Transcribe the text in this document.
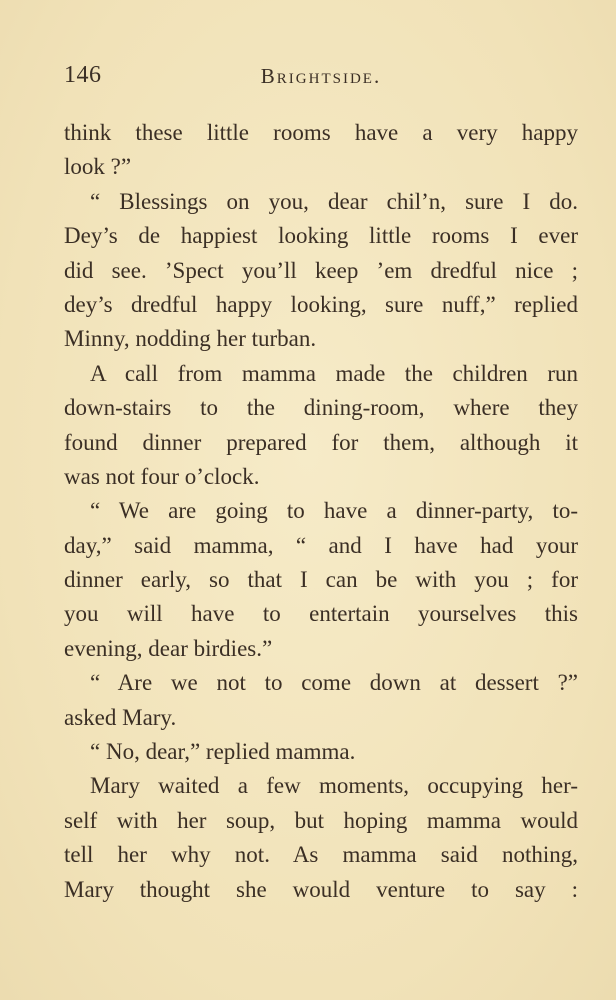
146	Brightside.
think these little rooms have a very happy
look ?”
“ Blessings on you, dear chil’n, sure I do.
Dey’s de happiest looking little rooms I ever
did see. ’Spect you’ll keep ’em dredful nice ;
dey’s dredful happy looking, sure nuff,” replied
Minny, nodding her turban.
A call from mamma made the children run
down-stairs to the dining-room, where they
found dinner prepared for them, although it
was not four o’clock.
“ We are going to have a dinner-party, to-
day,” said mamma, “ and I have had your
dinner early, so that I can be with you ; for
you will have to entertain yourselves this
evening, dear birdies.”
“ Are we not to come down at dessert ?”
asked Mary.
“ No, dear,” replied mamma.
Mary waited a few moments, occupying her-
self with her soup, but hoping mamma would
tell her why not. As mamma said nothing,
Mary thought she would venture to say :
